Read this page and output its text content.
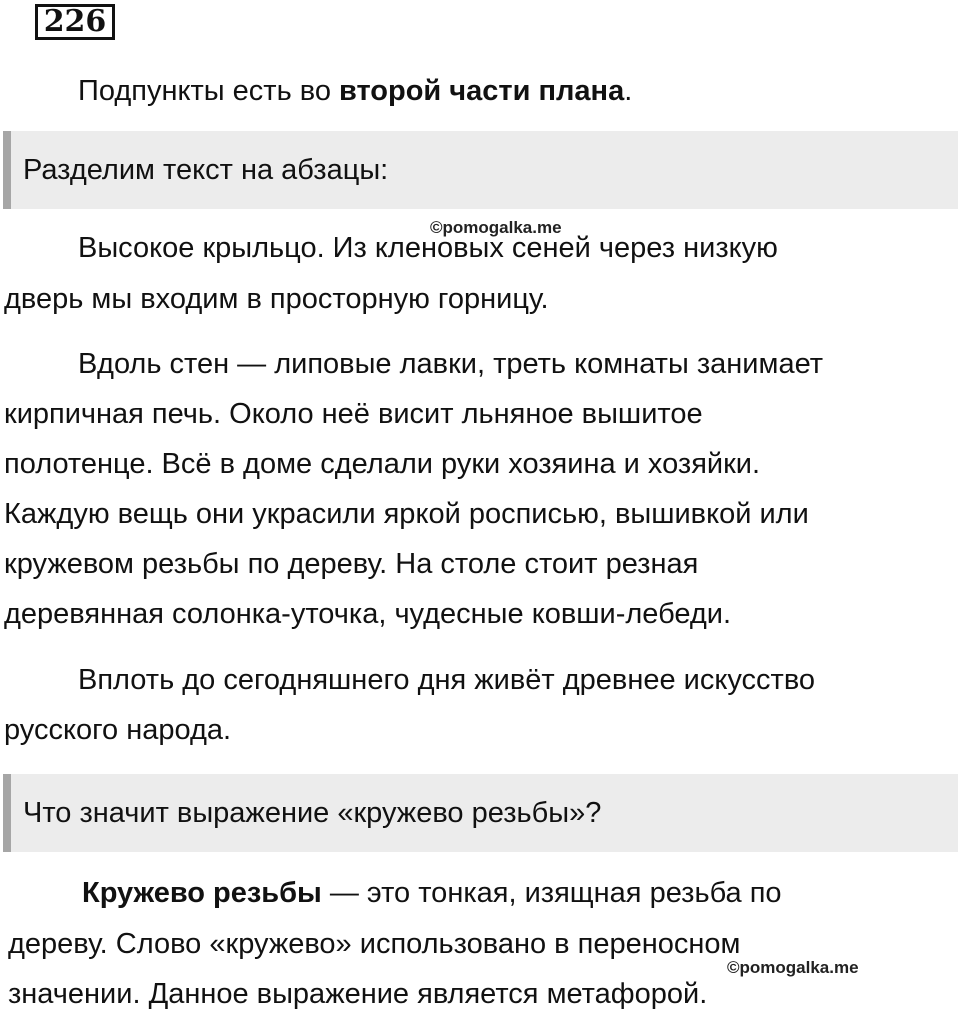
226
Подпункты есть во второй части плана.
Разделим текст на абзацы:
©pomogalka.me
Высокое крыльцо. Из кленовых сеней через низкую
дверь мы входим в просторную горницу.
Вдоль стен — липовые лавки, треть комнаты занимает
кирпичная печь. Около неё висит льняное вышитое
полотенце. Всё в доме сделали руки хозяина и хозяйки.
Каждую вещь они украсили яркой росписью, вышивкой или
кружевом резьбы по дереву. На столе стоит резная
деревянная солонка-уточка, чудесные ковши-лебеди.
Вплоть до сегодняшнего дня живёт древнее искусство
русского народа.
Что значит выражение «кружево резьбы»?
Кружево резьбы — это тонкая, изящная резьба по
дереву. Слово «кружево» использовано в переносном
©pomogalka.me
значении. Данное выражение является метафорой.
